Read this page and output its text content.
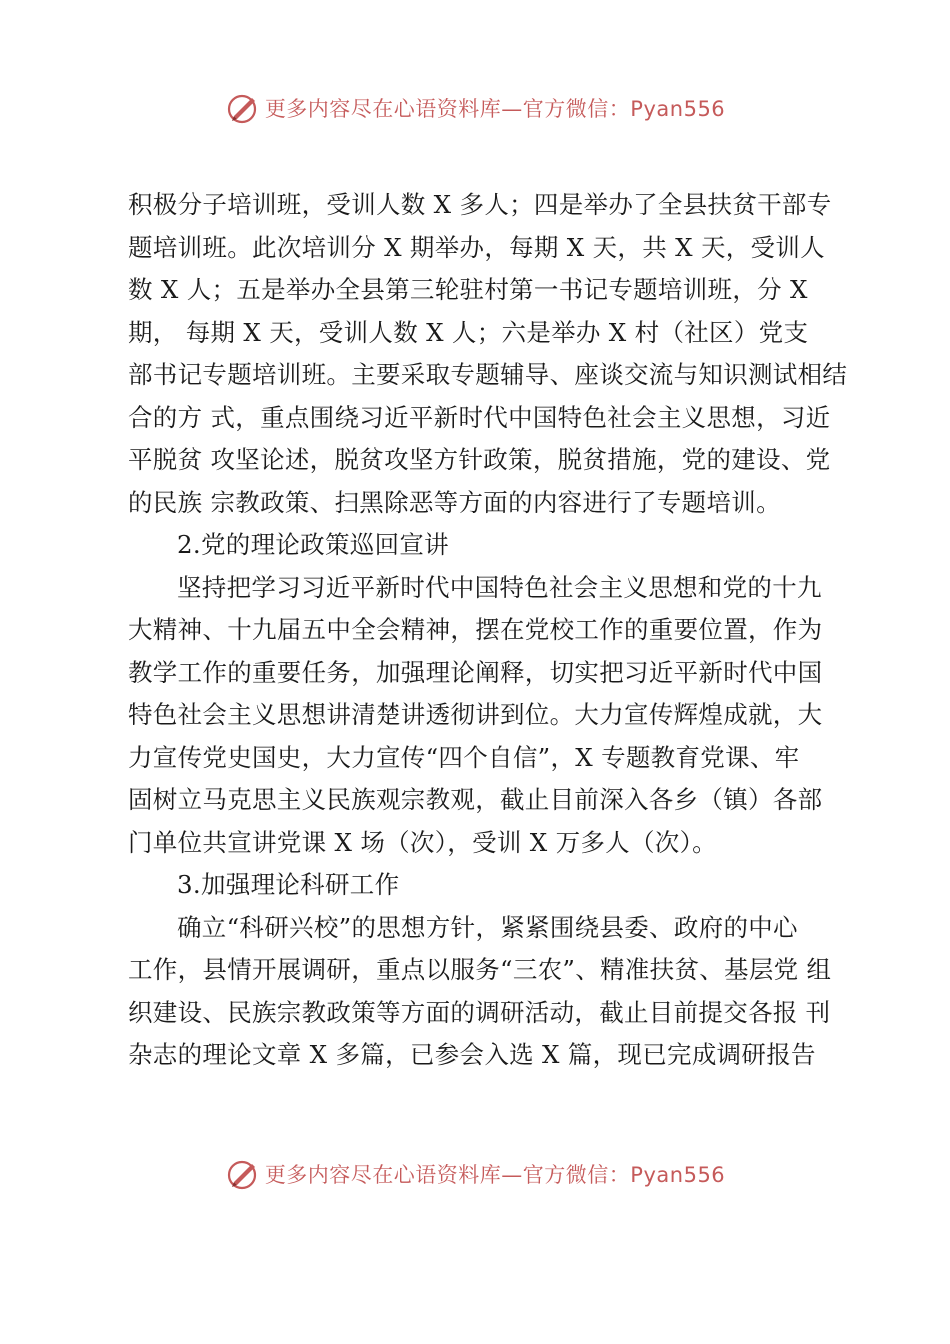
更多内容尽在心语资料库—官方微信：Pyan556

积极分子培训班，受训人数 X 多人；四是举办了全县扶贫干部专

题培训班。此次培训分 X 期举办，每期 X 天，共 X 天，受训人

数 X 人；五是举办全县第三轮驻村第一书记专题培训班，分 X

期， 每期 X 天，受训人数 X 人；六是举办 X 村（社区）党支

部书记专题培训班。主要采取专题辅导、座谈交流与知识测试相结

合的方 式，重点围绕习近平新时代中国特色社会主义思想，习近

平脱贫 攻坚论述，脱贫攻坚方针政策，脱贫措施，党的建设、党

的民族 宗教政策、扫黑除恶等方面的内容进行了专题培训。

2.党的理论政策巡回宣讲

坚持把学习习近平新时代中国特色社会主义思想和党的十九

大精神、十九届五中全会精神，摆在党校工作的重要位置，作为

教学工作的重要任务，加强理论阐释，切实把习近平新时代中国

特色社会主义思想讲清楚讲透彻讲到位。大力宣传辉煌成就，大

力宣传党史国史，大力宣传“四个自信”，X 专题教育党课、牢

固树立马克思主义民族观宗教观，截止目前深入各乡（镇）各部

门单位共宣讲党课 X 场（次），受训 X 万多人（次）。

3.加强理论科研工作

确立“科研兴校”的思想方针，紧紧围绕县委、政府的中心

工作，县情开展调研，重点以服务“三农”、精准扶贫、基层党 组

织建设、民族宗教政策等方面的调研活动，截止目前提交各报 刊

杂志的理论文章 X 多篇，已参会入选 X 篇，现已完成调研报告

更多内容尽在心语资料库—官方微信：Pyan556
